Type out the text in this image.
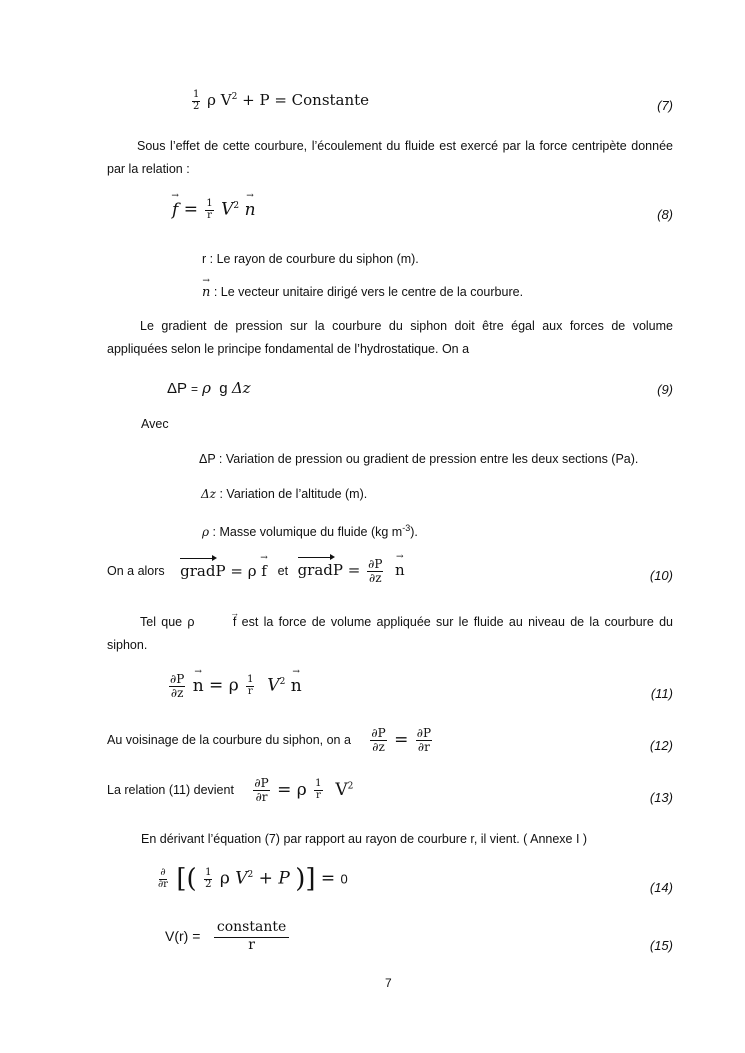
$\frac{1}{2}$ ρ $V^2 + P$ = Constante	(7)
Sous l’effet de cette courbure, l’écoulement du fluide est exercé par la force centripète donnée par la relation :
→ $f = \frac{1}{r} V^2 \to n$	(8)
r : Le rayon de courbure du siphon (m).
→ n : Le vecteur unitaire dirigé vers le centre de la courbure.
Le gradient de pression sur la courbure du siphon doit être égal aux forces de volume appliquées selon le principe fondamental de l’hydrostatique. On a
ΔP = ρ g Δz	(9)
Avec
ΔP : Variation de pression ou gradient de pression entre les deux sections (Pa).
Δz : Variation de l’altitude (m).
ρ : Masse volumique du fluide (kg $m^{-3}$).
On a alors gradP = ρ → f et gradP = $\frac{\partial P}{\partial z} \to n$	(10)
Tel que ρ	→ f est la force de volume appliquée sur le fluide au niveau de la courbure du siphon.
$\frac{\partial P}{\partial z} \to n = \rho \frac{1}{r} V^2 \to n$	(11)
Au voisinage de la courbure du siphon, on a $\frac{\partial P}{\partial z} = \frac{\partial P}{\partial r}$	(12)
La relation (11) devient $\frac{\partial P}{\partial r} = \rho \frac{1}{r} V^2$
(13)
En dérivant l’équation (7) par rapport au rayon de courbure r, il vient. ( Annexe I )
$\frac{\partial}{\partial r}$ [( $\frac{1}{2}$ ρ $V^2 + P$ )] = 0
(14)
$V(r) = \frac{\text{constante}}{r}$	(15)
7
